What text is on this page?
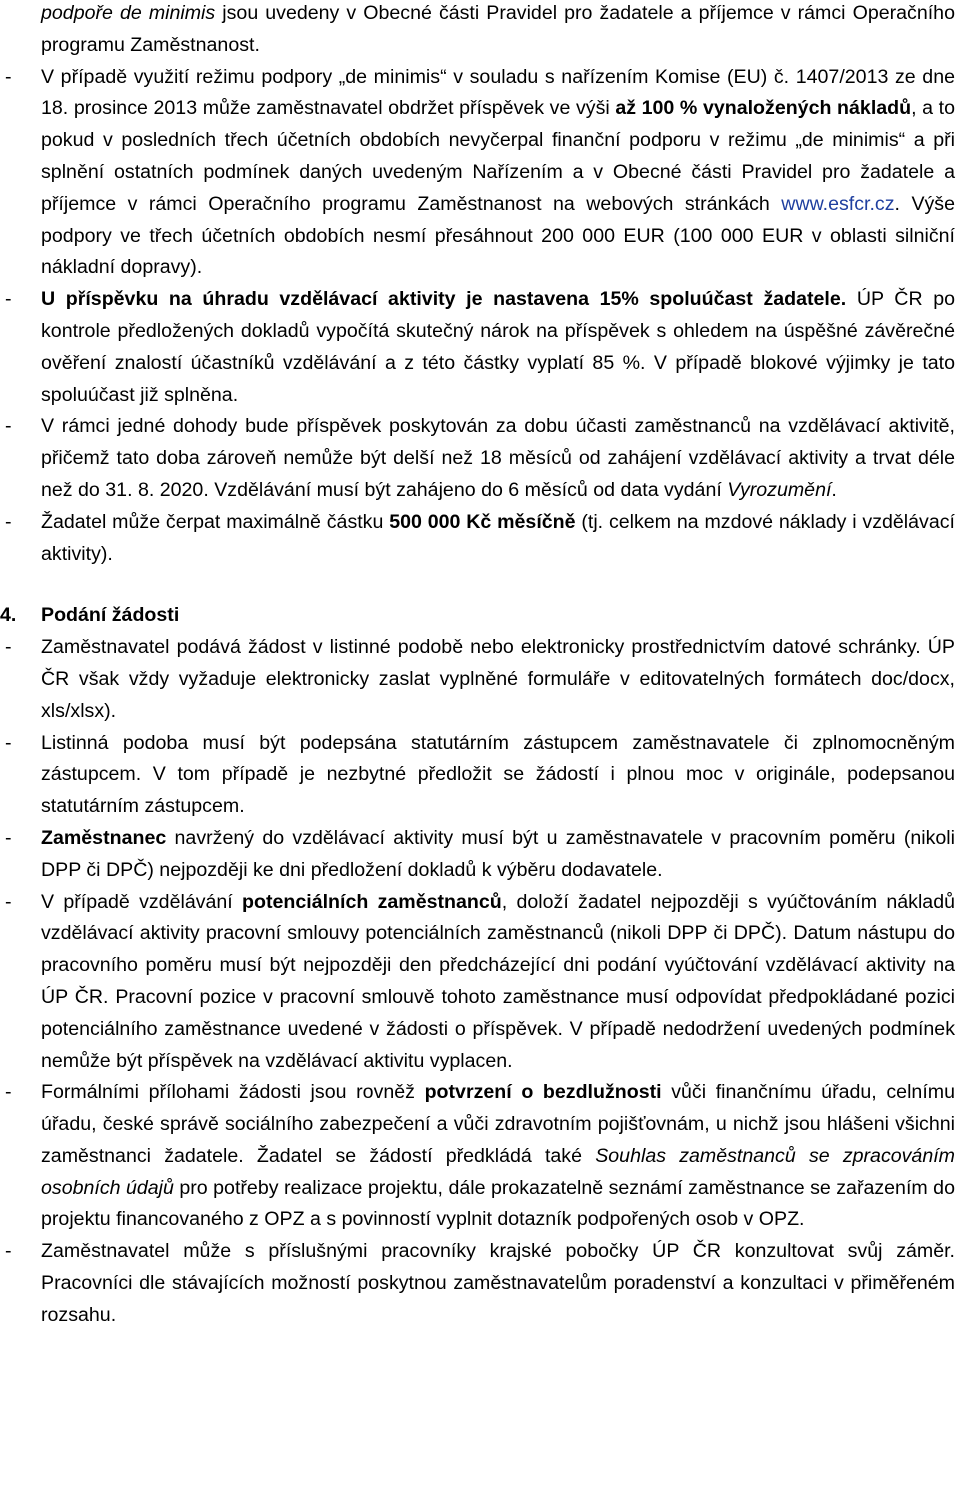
podpoře de minimis jsou uvedeny v Obecné části Pravidel pro žadatele a příjemce v rámci Operačního programu Zaměstnanost.

-	V případě využití režimu podpory „de minimis“ v souladu s nařízením Komise (EU) č. 1407/2013 ze dne 18. prosince 2013 může zaměstnavatel obdržet příspěvek ve výši až 100 % vynaložených nákladů, a to pokud v posledních třech účetních obdobích nevyčerpal finanční podporu v režimu „de minimis“ a při splnění ostatních podmínek daných uvedeným Nařízením a v Obecné části Pravidel pro žadatele a příjemce v rámci Operačního programu Zaměstnanost na webových stránkách www.esfcr.cz. Výše podpory ve třech účetních obdobích nesmí přesáhnout 200 000 EUR (100 000 EUR v oblasti silniční nákladní dopravy).

-	U příspěvku na úhradu vzdělávací aktivity je nastavena 15% spoluúčast žadatele. ÚP ČR po kontrole předložených dokladů vypočítá skutečný nárok na příspěvek s ohledem na úspěšné závěrečné ověření znalostí účastníků vzdělávání a z této částky vyplatí 85 %. V případě blokové výjimky je tato spoluúčast již splněna.

-	V rámci jedné dohody bude příspěvek poskytován za dobu účasti zaměstnanců na vzdělávací aktivitě, přičemž tato doba zároveň nemůže být delší než 18 měsíců od zahájení vzdělávací aktivity a trvat déle než do 31. 8. 2020. Vzdělávání musí být zahájeno do 6 měsíců od data vydání Vyrozumění.

-	Žadatel může čerpat maximálně částku 500 000 Kč měsíčně (tj. celkem na mzdové náklady i vzdělávací aktivity).

4.	Podání žádosti
-	Zaměstnavatel podává žádost v listinné podobě nebo elektronicky prostřednictvím datové schránky. ÚP ČR však vždy vyžaduje elektronicky zaslat vyplněné formuláře v editovatelných formátech doc/docx, xls/xlsx).

-	Listinná podoba musí být podepsána statutárním zástupcem zaměstnavatele či zplnomocněným zástupcem. V tom případě je nezbytné předložit se žádostí i plnou moc v originále, podepsanou statutárním zástupcem.

-	Zaměstnanec navržený do vzdělávací aktivity musí být u zaměstnavatele v pracovním poměru (nikoli DPP či DPČ) nejpozději ke dni předložení dokladů k výběru dodavatele.

-	V případě vzdělávání potenciálních zaměstnanců, doloží žadatel nejpozději s vyúčtováním nákladů vzdělávací aktivity pracovní smlouvy potenciálních zaměstnanců (nikoli DPP či DPČ). Datum nástupu do pracovního poměru musí být nejpozději den předcházející dni podání vyúčtování vzdělávací aktivity na ÚP ČR. Pracovní pozice v pracovní smlouvě tohoto zaměstnance musí odpovídat předpokládané pozici potenciálního zaměstnance uvedené v žádosti o příspěvek. V případě nedodržení uvedených podmínek nemůže být příspěvek na vzdělávací aktivitu vyplacen.

-	Formálními přílohami žádosti jsou rovněž potvrzení o bezdlužnosti vůči finančnímu úřadu, celnímu úřadu, české správě sociálního zabezpečení a vůči zdravotním pojišťovnám, u nichž jsou hlášeni všichni zaměstnanci žadatele. Žadatel se žádostí předkládá také Souhlas zaměstnanců se zpracováním osobních údajů pro potřeby realizace projektu, dále prokazatelně seznámí zaměstnance se zařazením do projektu financovaného z OPZ a s povinností vyplnit dotazník podpořených osob v OPZ.

-	Zaměstnavatel může s příslušnými pracovníky krajské pobočky ÚP ČR konzultovat svůj záměr. Pracovníci dle stávajících možností poskytnou zaměstnavatelům poradenství a konzultaci v přiměřeném rozsahu.
